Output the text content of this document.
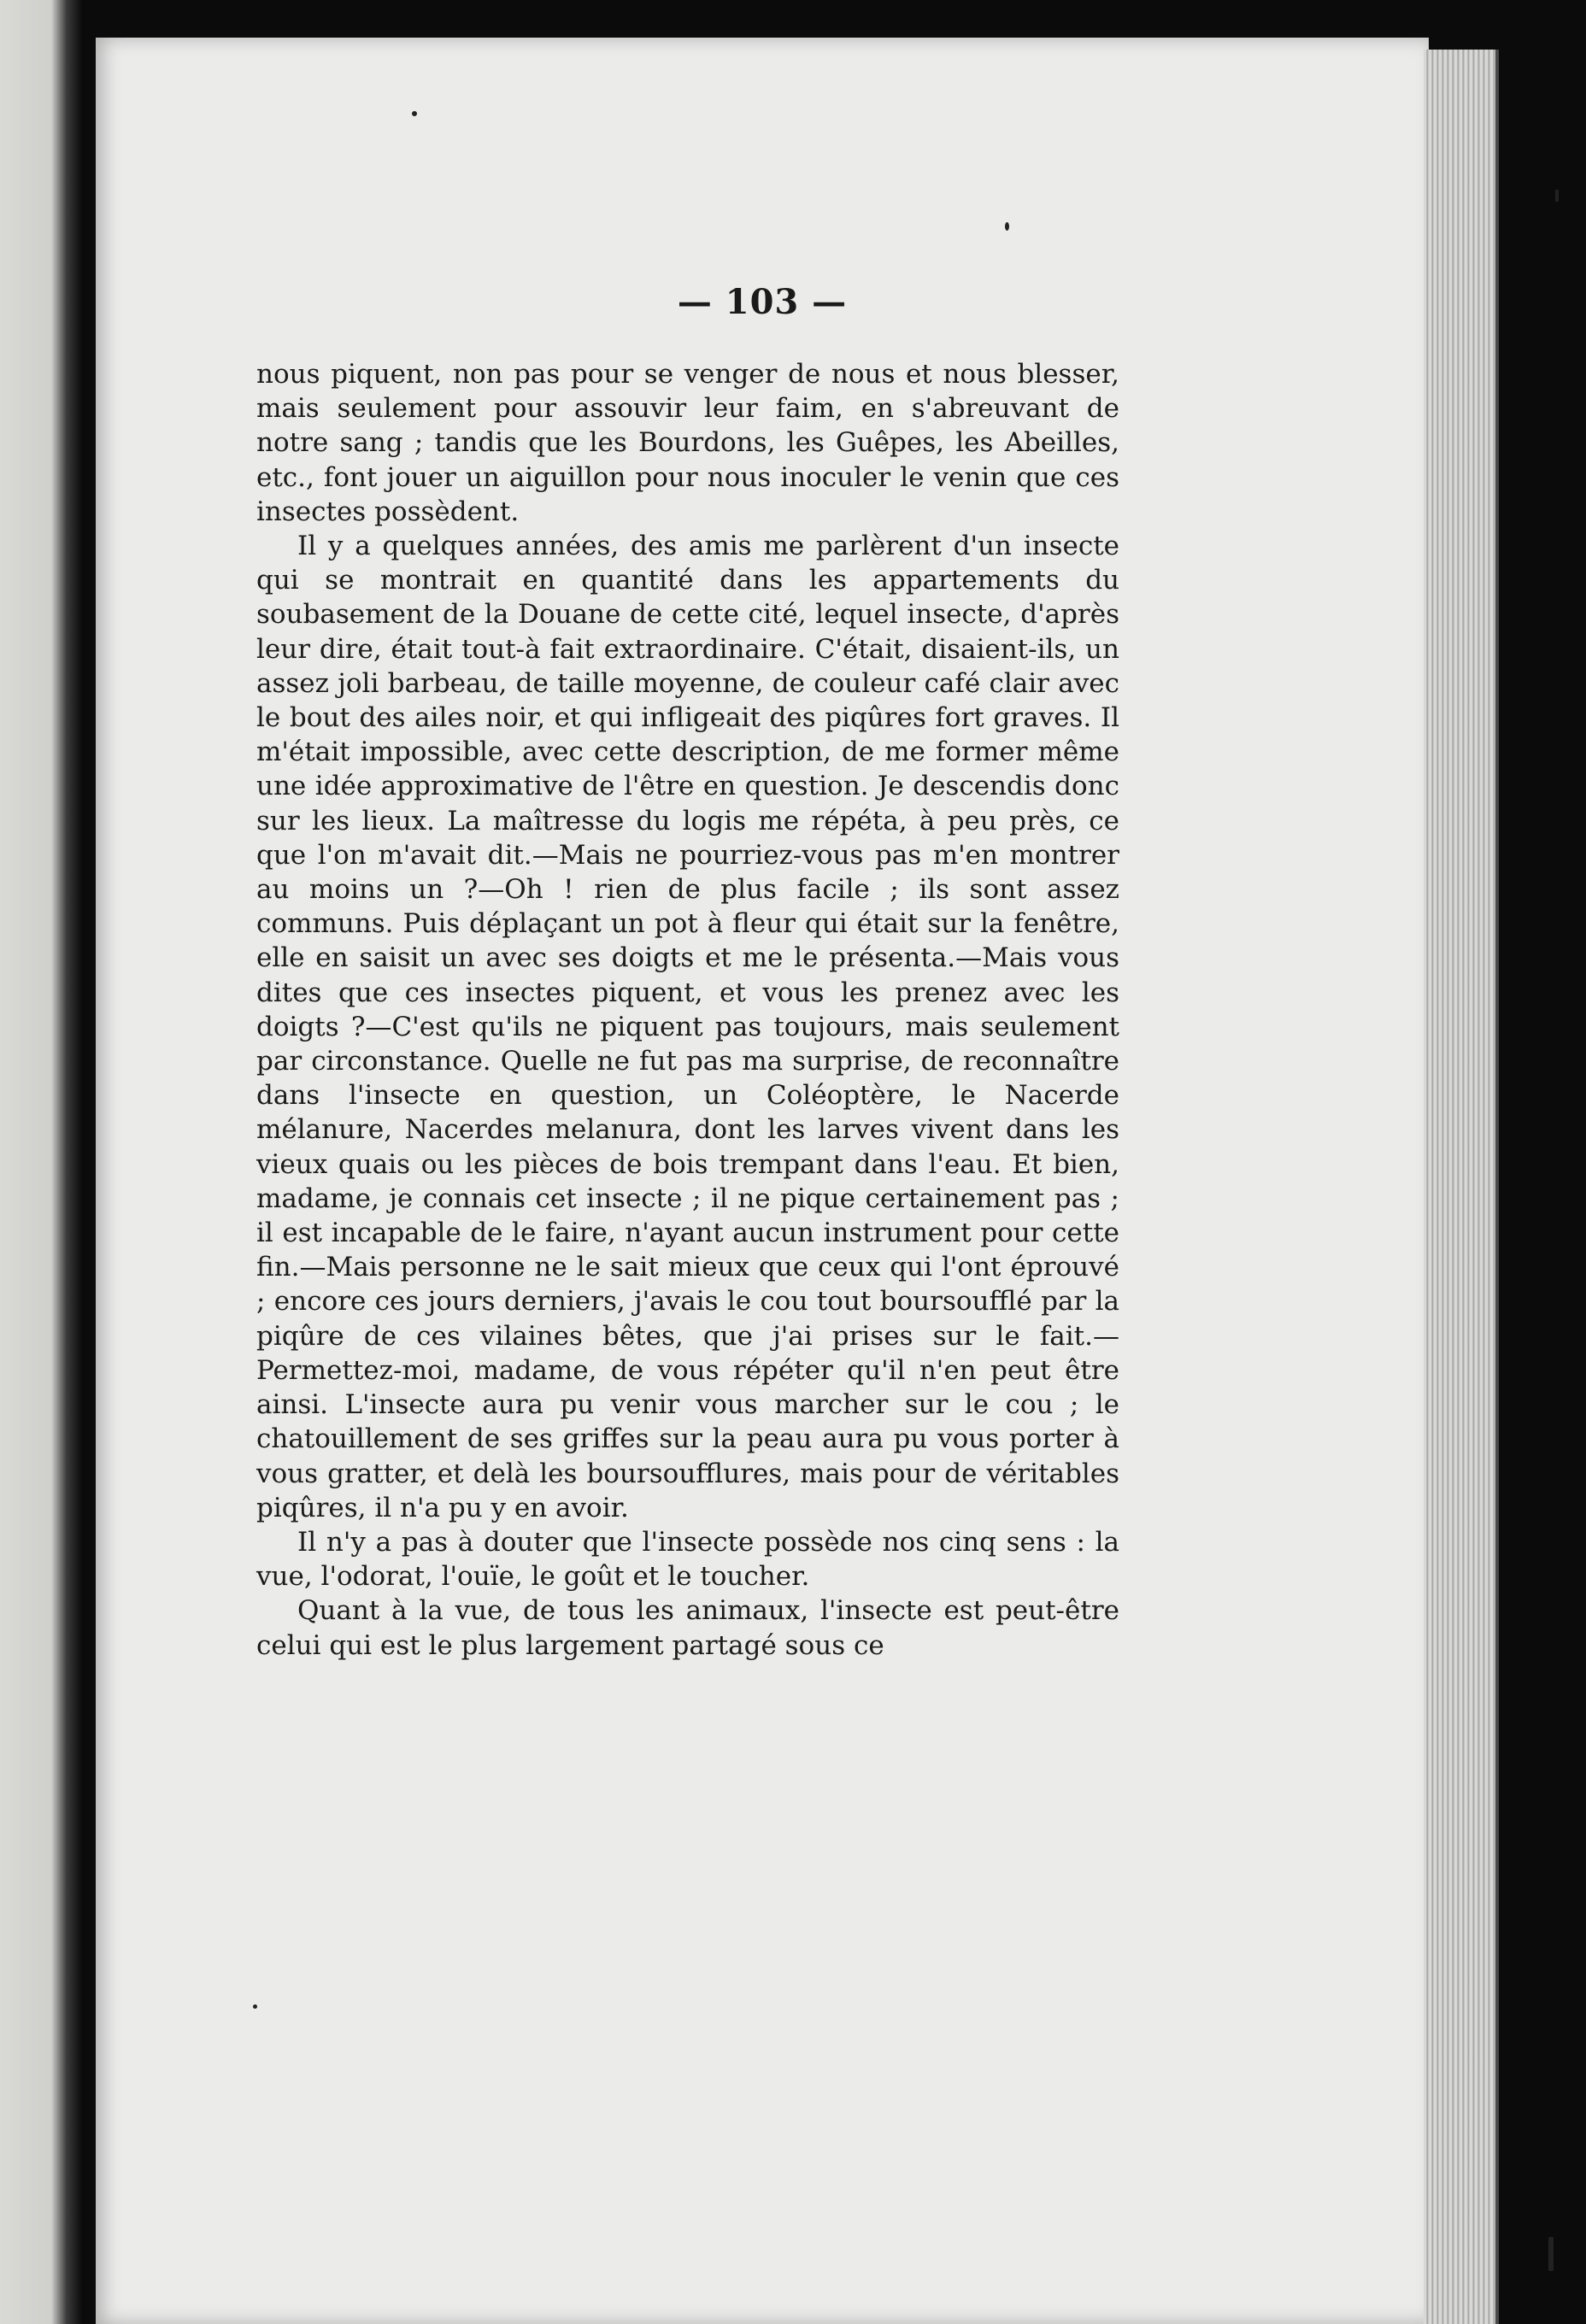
— 103 —

nous piquent, non pas pour se venger de nous et nous blesser, mais seulement pour assouvir leur faim, en s'abreuvant de notre sang ; tandis que les Bourdons, les Guêpes, les Abeilles, etc., font jouer un aiguillon pour nous inoculer le venin que ces insectes possèdent.

Il y a quelques années, des amis me parlèrent d'un insecte qui se montrait en quantité dans les appartements du soubasement de la Douane de cette cité, lequel insecte, d'après leur dire, était tout-à fait extraordinaire. C'était, disaient-ils, un assez joli barbeau, de taille moyenne, de couleur café clair avec le bout des ailes noir, et qui infligeait des piqûres fort graves. Il m'était impossible, avec cette description, de me former même une idée approximative de l'être en question. Je descendis donc sur les lieux. La maîtresse du logis me répéta, à peu près, ce que l'on m'avait dit.—Mais ne pourriez-vous pas m'en montrer au moins un ?—Oh ! rien de plus facile ; ils sont assez communs. Puis déplaçant un pot à fleur qui était sur la fenêtre, elle en saisit un avec ses doigts et me le présenta.—Mais vous dites que ces insectes piquent, et vous les prenez avec les doigts ?—C'est qu'ils ne piquent pas toujours, mais seulement par circonstance. Quelle ne fut pas ma surprise, de reconnaître dans l'insecte en question, un Coléoptère, le Nacerde mélanure, Nacerdes melanura, dont les larves vivent dans les vieux quais ou les pièces de bois trempant dans l'eau. Et bien, madame, je connais cet insecte ; il ne pique certainement pas ; il est incapable de le faire, n'ayant aucun instrument pour cette fin.—Mais personne ne le sait mieux que ceux qui l'ont éprouvé ; encore ces jours derniers, j'avais le cou tout boursoufflé par la piqûre de ces vilaines bêtes, que j'ai prises sur le fait.—Permettez-moi, madame, de vous répéter qu'il n'en peut être ainsi. L'insecte aura pu venir vous marcher sur le cou ; le chatouillement de ses griffes sur la peau aura pu vous porter à vous gratter, et delà les boursoufflures, mais pour de véritables piqûres, il n'a pu y en avoir.

Il n'y a pas à douter que l'insecte possède nos cinq sens : la vue, l'odorat, l'ouïe, le goût et le toucher.

Quant à la vue, de tous les animaux, l'insecte est peut-être celui qui est le plus largement partagé sous ce
